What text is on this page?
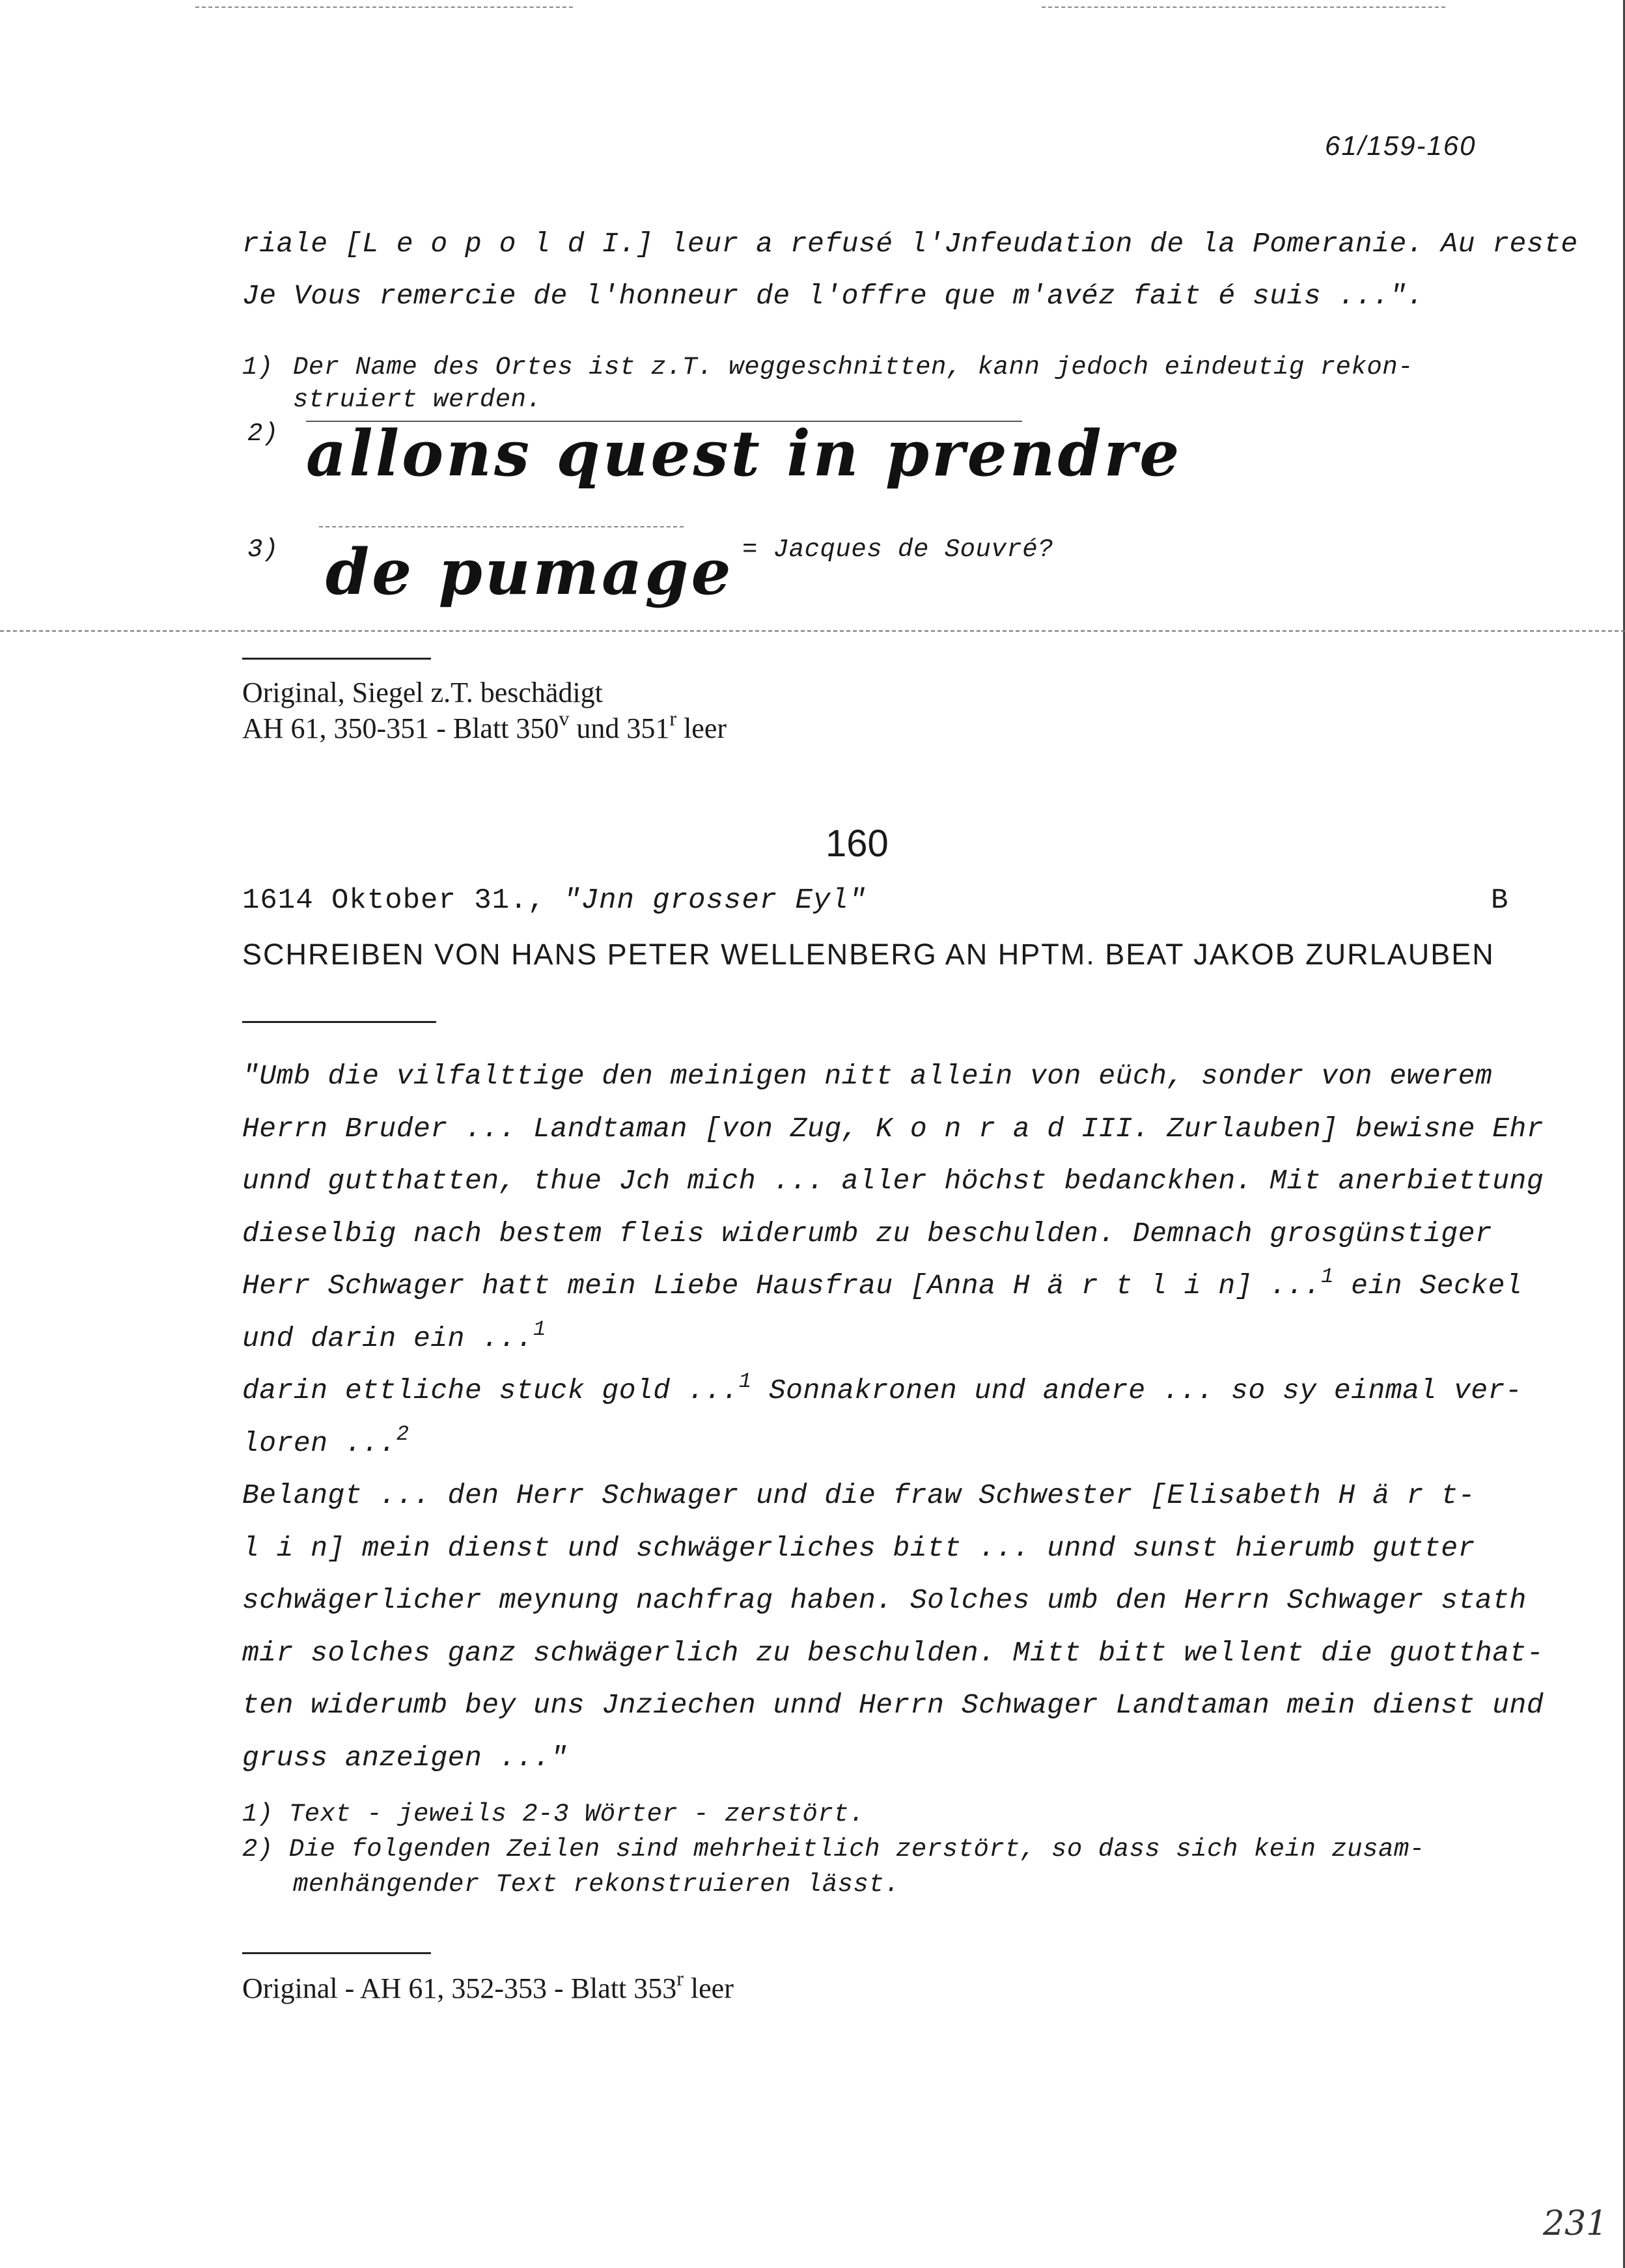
61/159-160
riale [L e o p o l d I.] leur a refusé l'Jnfeudation de la Pomeranie. Au reste
Je Vous remercie de l'honneur de l'offre que m'avéz fait é suis ...".
1) Der Name des Ortes ist z.T. weggeschnitten, kann jedoch eindeutig rekon-
struiert werden.
2) allons quest in prendre
3) de pumage = Jacques de Souvré?
Original, Siegel z.T. beschädigt
AH 61, 350-351 - Blatt 350$^v$ und 351$^r$ leer
160
1614 Oktober 31., "Jnn grosser Eyl"	B
SCHREIBEN VON HANS PETER WELLENBERG AN HPTM. BEAT JAKOB ZURLAUBEN
"Umb die vilfalttige den meinigen nitt allein von eüch, sonder von ewerem
Herrn Bruder ... Landtaman [von Zug, K o n r a d III. Zurlauben] bewisne Ehr
unnd gutthatten, thue Jch mich ... aller höchst bedanckhen. Mit anerbiettung
dieselbig nach bestem fleis widerumb zu beschulden. Demnach grosgünstiger
Herr Schwager hatt mein Liebe Hausfrau [Anna H ä r t l i n] ...$^1$ ein Seckel
und darin ein ...$^1$
darin ettliche stuck gold ...$^1$ Sonnakronen und andere ... so sy einmal ver-
loren ...$^2$
Belangt ... den Herr Schwager und die fraw Schwester [Elisabeth H ä r t-
l i n] mein dienst und schwägerliches bitt ... unnd sunst hierumb gutter
schwägerlicher meynung nachfrag haben. Solches umb den Herrn Schwager stath
mir solches ganz schwägerlich zu beschulden. Mitt bitt wellent die guotthat-
ten widerumb bey uns Jnziechen unnd Herrn Schwager Landtaman mein dienst und
gruss anzeigen ..."
1) Text - jeweils 2-3 Wörter - zerstört.
2) Die folgenden Zeilen sind mehrheitlich zerstört, so dass sich kein zusam-
menhängender Text rekonstruieren lässt.
Original - AH 61, 352-353 - Blatt 353$^r$ leer
231
